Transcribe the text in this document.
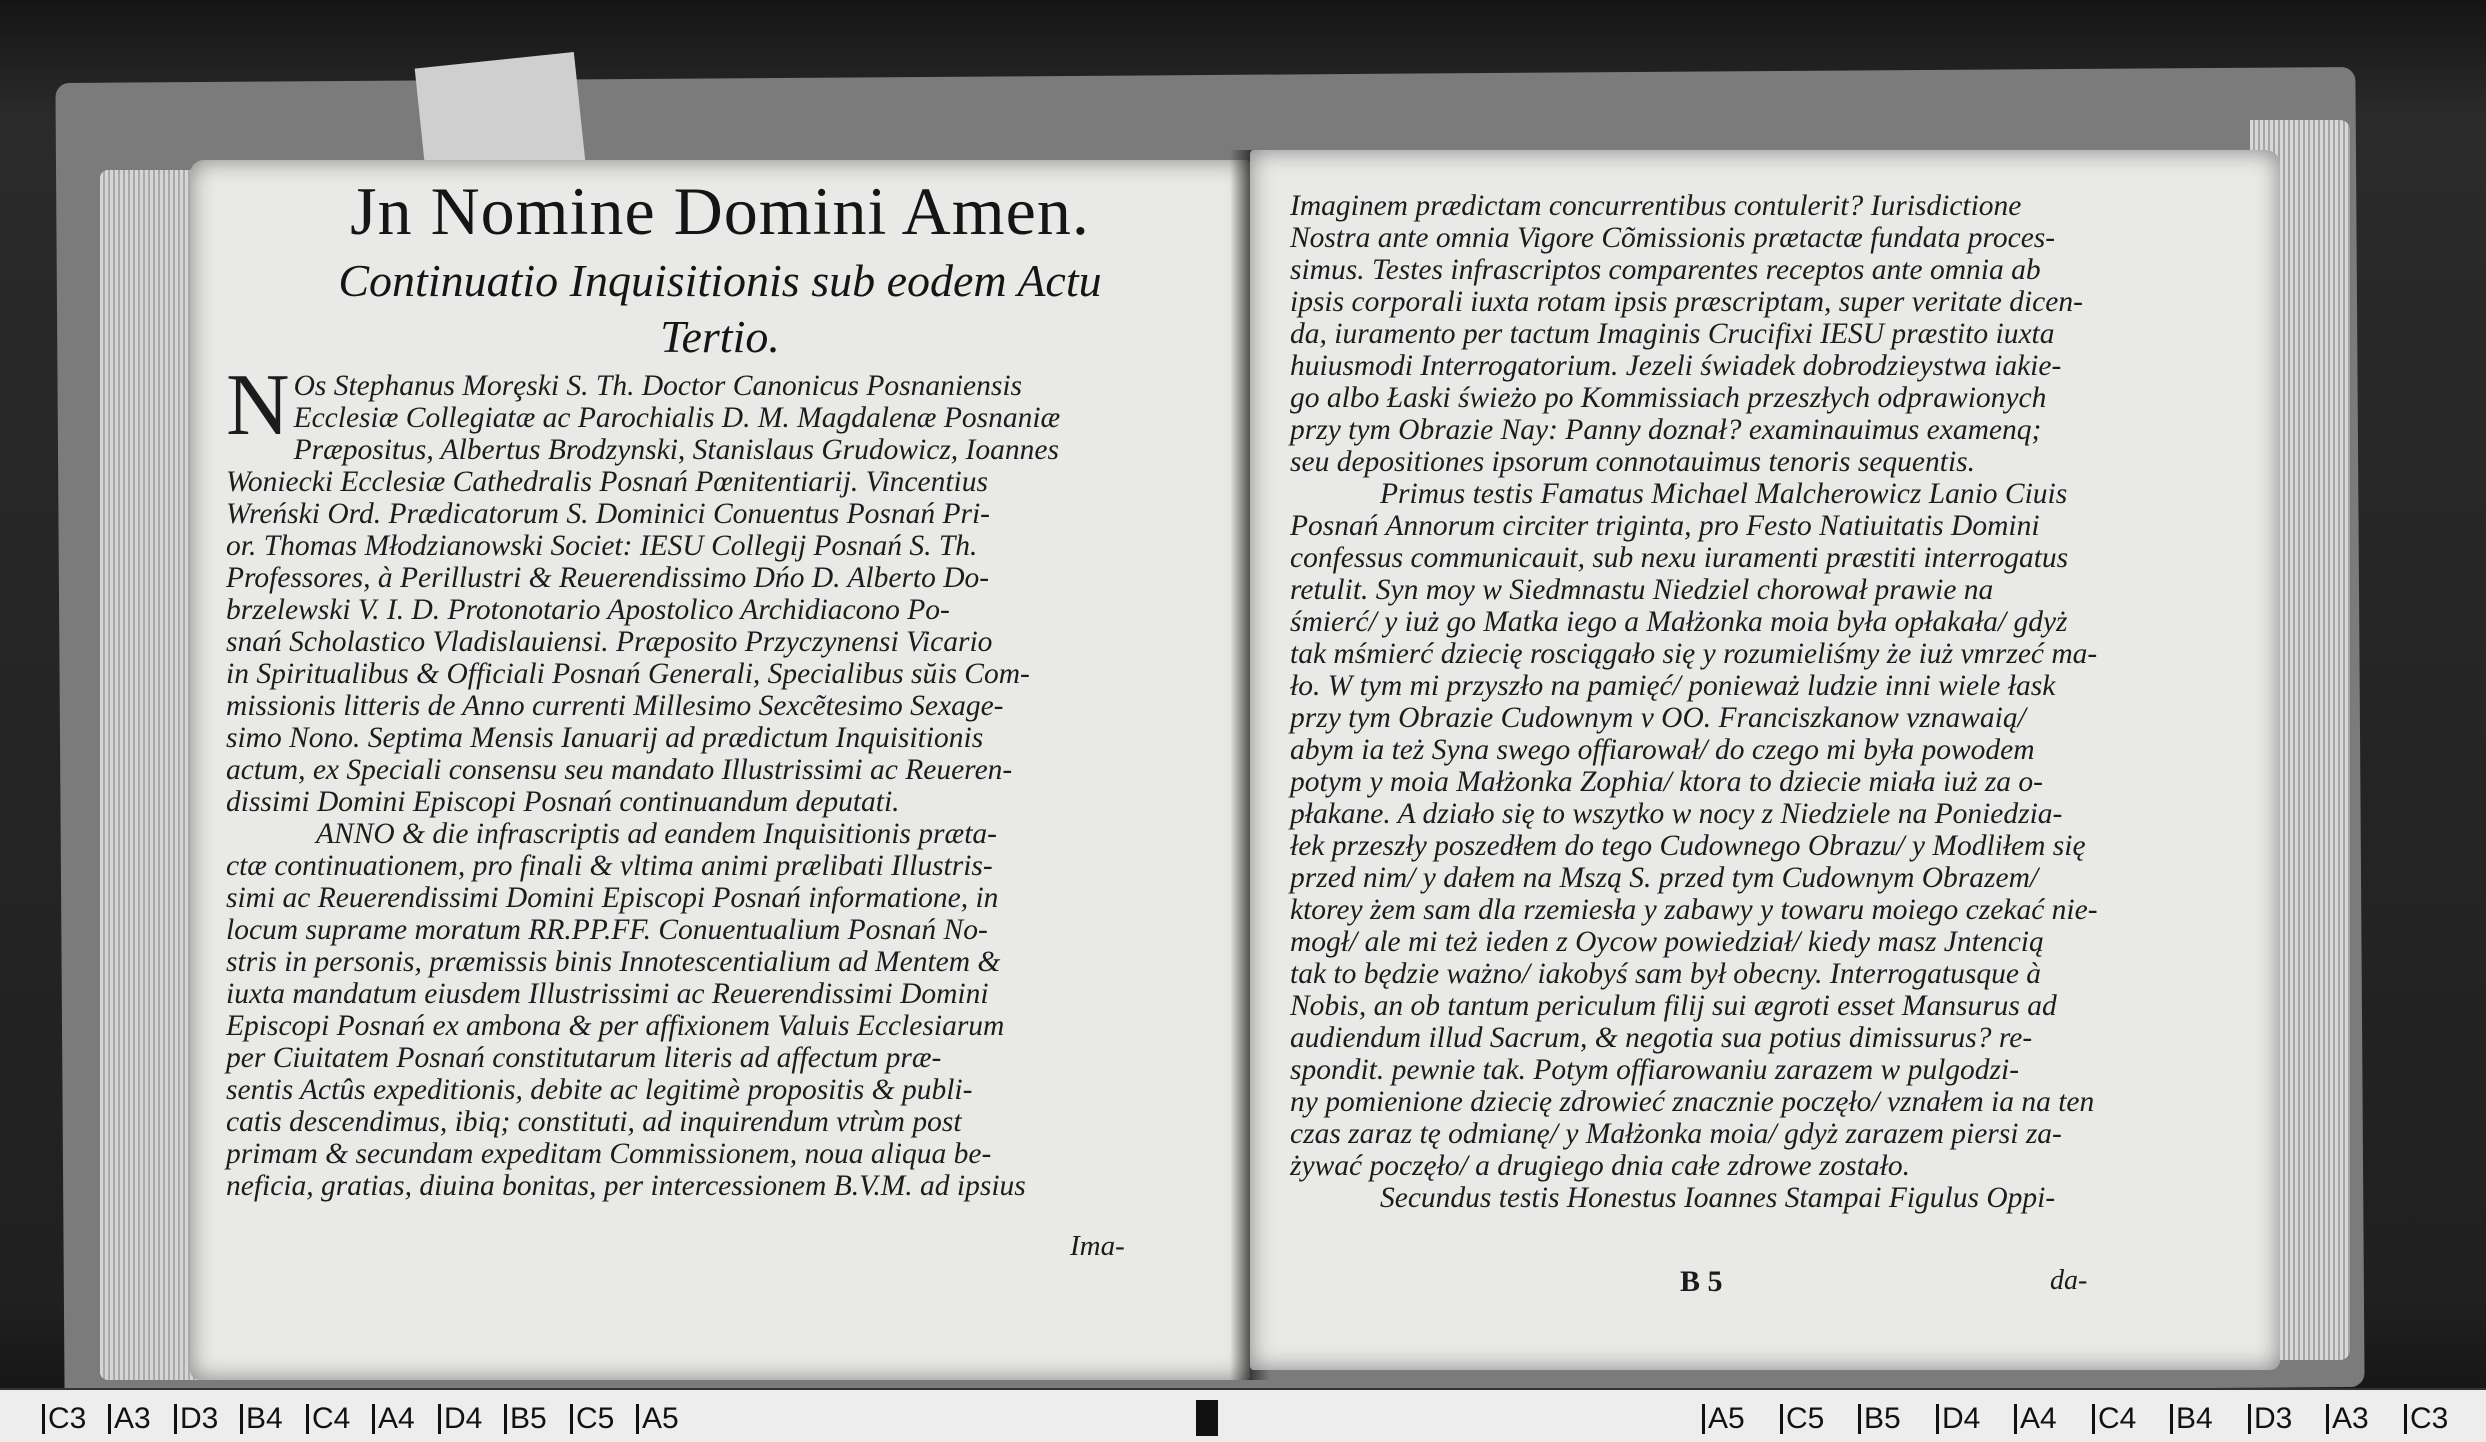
Jn Nomine Domini Amen.
Continuatio Inquisitionis sub eodem Actu
Tertio.
N Os Stephanus Morȩski S. Th. Doctor Canonicus Posnaniensis
Ecclesiæ Collegiatæ ac Parochialis D. M. Magdalenæ Posnaniæ
Præpositus, Albertus Brodzynski, Stanislaus Grudowicz, Ioannes
Woniecki Ecclesiæ Cathedralis Posnań Pœnitentiarij. Vincentius
Wreński Ord. Prædicatorum S. Dominici Conuentus Posnań Pri-
or. Thomas Młodzianowski Societ: IESU Collegij Posnań S. Th.
Professores, à Perillustri & Reuerendissimo Dńo D. Alberto Do-
brzelewski V. I. D. Protonotario Apostolico Archidiacono Po-
snań Scholastico Vladislauiensi. Præposito Przyczynensi Vicario
in Spiritualibus & Officiali Posnań Generali, Specialibus sŭis Com-
missionis litteris de Anno currenti Millesimo Sexcẽtesimo Sexage-
simo Nono. Septima Mensis Ianuarij ad prædictum Inquisitionis
actum, ex Speciali consensu seu mandato Illustrissimi ac Reueren-
dissimi Domini Episcopi Posnań continuandum deputati.
ANNO & die infrascriptis ad eandem Inquisitionis præta-
ctæ continuationem, pro finali & vltima animi prælibati Illustris-
simi ac Reuerendissimi Domini Episcopi Posnań informatione, in
locum suprame moratum RR.PP.FF. Conuentualium Posnań No-
stris in personis, præmissis binis Innotescentialium ad Mentem &
iuxta mandatum eiusdem Illustrissimi ac Reuerendissimi Domini
Episcopi Posnań ex ambona & per affixionem Valuis Ecclesiarum
per Ciuitatem Posnań constitutarum literis ad affectum præ-
sentis Actûs expeditionis, debite ac legitimè propositis & publi-
catis descendimus, ibiq; constituti, ad inquirendum vtrùm post
primam & secundam expeditam Commissionem, noua aliqua be-
neficia, gratias, diuina bonitas, per intercessionem B.V.M. ad ipsius
Ima-
Imaginem prædictam concurrentibus contulerit? Iurisdictione
Nostra ante omnia Vigore Cõmissionis prætactæ fundata proces-
simus. Testes infrascriptos comparentes receptos ante omnia ab
ipsis corporali iuxta rotam ipsis præscriptam, super veritate dicen-
da, iuramento per tactum Imaginis Crucifixi IESU præstito iuxta
huiusmodi Interrogatorium. Jezeli świadek dobrodzieystwa iakie-
go albo Łaski świeżo po Kommissiach przeszłych odprawionych
przy tym Obrazie Nay: Panny doznał? examinauimus examenq;
seu depositiones ipsorum connotauimus tenoris sequentis.
Primus testis Famatus Michael Malcherowicz Lanio Ciuis
Posnań Annorum circiter triginta, pro Festo Natiuitatis Domini
confessus communicauit, sub nexu iuramenti præstiti interrogatus
retulit. Syn moy w Siedmnastu Niedziel chorował prawie na
śmierć/ y iuż go Matka iego a Małżonka moia była opłakała/ gdyż
tak mśmierć dziecię rosciągało się y rozumieliśmy że iuż vmrzeć ma-
ło. W tym mi przyszło na pamięć/ ponieważ ludzie inni wiele łask
przy tym Obrazie Cudownym v OO. Franciszkanow vznawaią/
abym ia też Syna swego offiarował/ do czego mi była powodem
potym y moia Małżonka Zophia/ ktora to dziecie miała iuż za o-
płakane. A działo się to wszytko w nocy z Niedziele na Poniedzia-
łek przeszły poszedłem do tego Cudownego Obrazu/ y Modliłem się
przed nim/ y dałem na Mszą S. przed tym Cudownym Obrazem/
ktorey żem sam dla rzemiesła y zabawy y towaru moiego czekać nie-
mogł/ ale mi też ieden z Oycow powiedział/ kiedy masz Jntencią
tak to będzie ważno/ iakobyś sam był obecny. Interrogatusque à
Nobis, an ob tantum periculum filij sui ægroti esset Mansurus ad
audiendum illud Sacrum, & negotia sua potius dimissurus? re-
spondit. pewnie tak. Potym offiarowaniu zarazem w pulgodzi-
ny pomienione dziecię zdrowieć znacznie poczęło/ vznałem ia na ten
czas zaraz tę odmianę/ y Małżonka moia/ gdyż zarazem piersi za-
żywać poczęło/ a drugiego dnia całe zdrowe zostało.
Secundus testis Honestus Ioannes Stampai Figulus Oppi-
B 5	da-
C3 A3 D3 B4 C4 A4 D4 B5 C5 A5	A5 C5 B5 D4 A4 C4 B4 D3 A3 C3
